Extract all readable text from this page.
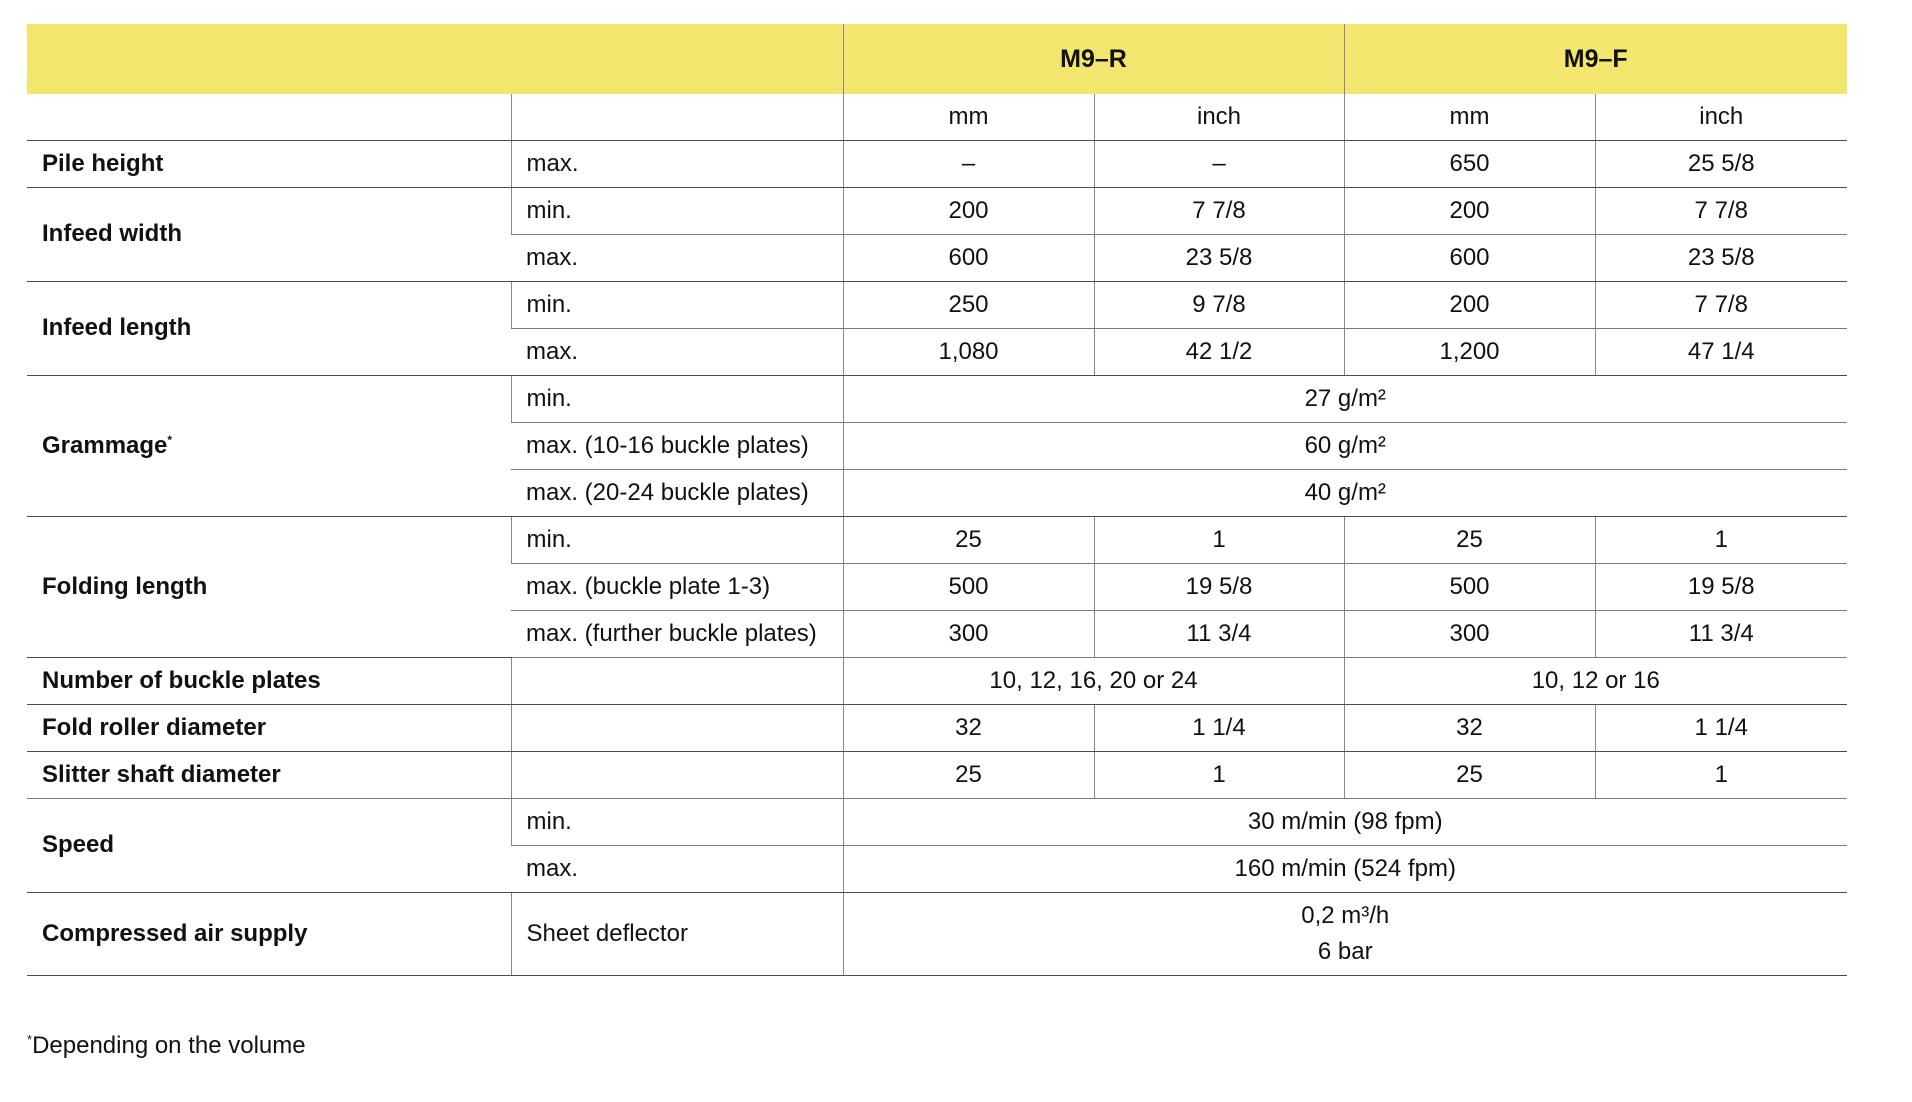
		M9–R		M9–F	
		mm	inch	mm	inch
Pile height	max.	–	–	650	25 5/8
Infeed width	min.	200	7 7/8	200	7 7/8
	max.	600	23 5/8	600	23 5/8
Infeed length	min.	250	9 7/8	200	7 7/8
	max.	1,080	42 1/2	1,200	47 1/4
Grammage*	min.	27 g/m²			
	max. (10-16 buckle plates)	60 g/m²			
	max. (20-24 buckle plates)	40 g/m²			
Folding length	min.	25	1	25	1
	max. (buckle plate 1-3)	500	19 5/8	500	19 5/8
	max. (further buckle plates)	300	11 3/4	300	11 3/4
Number of buckle plates		10, 12, 16, 20 or 24		10, 12 or 16	
Fold roller diameter		32	1 1/4	32	1 1/4
Slitter shaft diameter		25	1	25	1
Speed	min.	30 m/min (98 fpm)			
	max.	160 m/min (524 fpm)			
Compressed air supply	Sheet deflector	0,2 m³/h
6 bar			
*Depending on the volume
